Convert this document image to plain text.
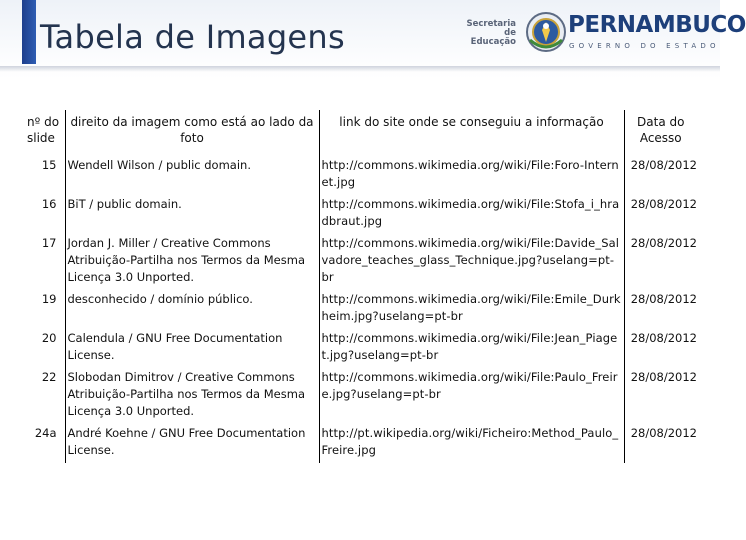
Tabela de Imagens	Secretaria de
Educação
PERNAMBUCO
GOVERNO DO ESTADO
nº do slide	direito da imagem como está ao lado da foto	link do site onde se conseguiu a informação	Data do Acesso
15	Wendell Wilson / public domain.	http://commons.wikimedia.org/wiki/File:Foro-Internet.jpg	28/08/2012
16	BiT / public domain.	http://commons.wikimedia.org/wiki/File:Stofa_i_hradbraut.jpg	28/08/2012
17	Jordan J. Miller / Creative Commons Atribuição-Partilha nos Termos da Mesma Licença 3.0 Unported.	http://commons.wikimedia.org/wiki/File:Davide_Salvadore_teaches_glass_Technique.jpg?uselang=pt-br	28/08/2012
19	desconhecido / domínio público.	http://commons.wikimedia.org/wiki/File:Emile_Durkheim.jpg?uselang=pt-br	28/08/2012
20	Calendula / GNU Free Documentation License.	http://commons.wikimedia.org/wiki/File:Jean_Piaget.jpg?uselang=pt-br	28/08/2012
22	Slobodan Dimitrov / Creative Commons Atribuição-Partilha nos Termos da Mesma Licença 3.0 Unported.	http://commons.wikimedia.org/wiki/File:Paulo_Freire.jpg?uselang=pt-br	28/08/2012
24a	André Koehne / GNU Free Documentation License.	http://pt.wikipedia.org/wiki/Ficheiro:Method_Paulo_Freire.jpg	28/08/2012
